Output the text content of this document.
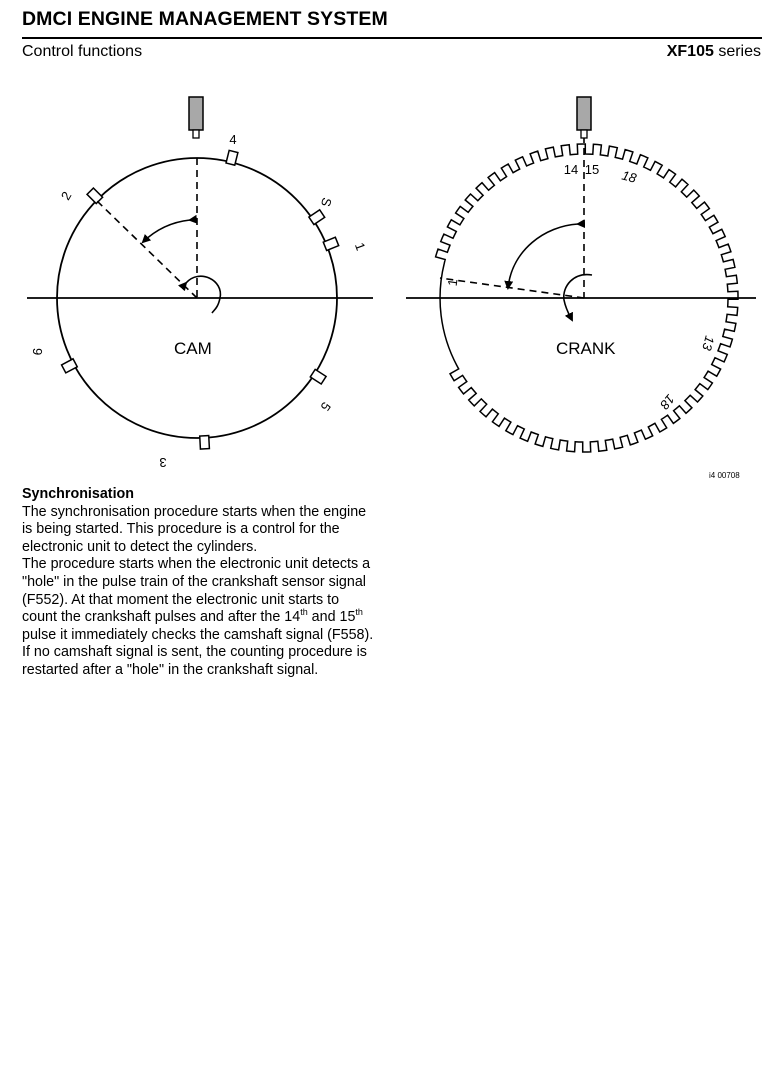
DMCI ENGINE MANAGEMENT SYSTEM
Control functions	XF105 series
CAM	CRANK
4
S
1
2
6
5
3
14 15 18
1
13
18
i4 00708
Synchronisation

The synchronisation procedure starts when the engine is being started. This procedure is a control for the electronic unit to detect the cylinders.

The procedure starts when the electronic unit detects a "hole" in the pulse train of the crankshaft sensor signal (F552). At that moment the electronic unit starts to count the crankshaft pulses and after the 14th and 15th pulse it immediately checks the camshaft signal (F558). If no camshaft signal is sent, the counting procedure is restarted after a "hole" in the crankshaft signal.
